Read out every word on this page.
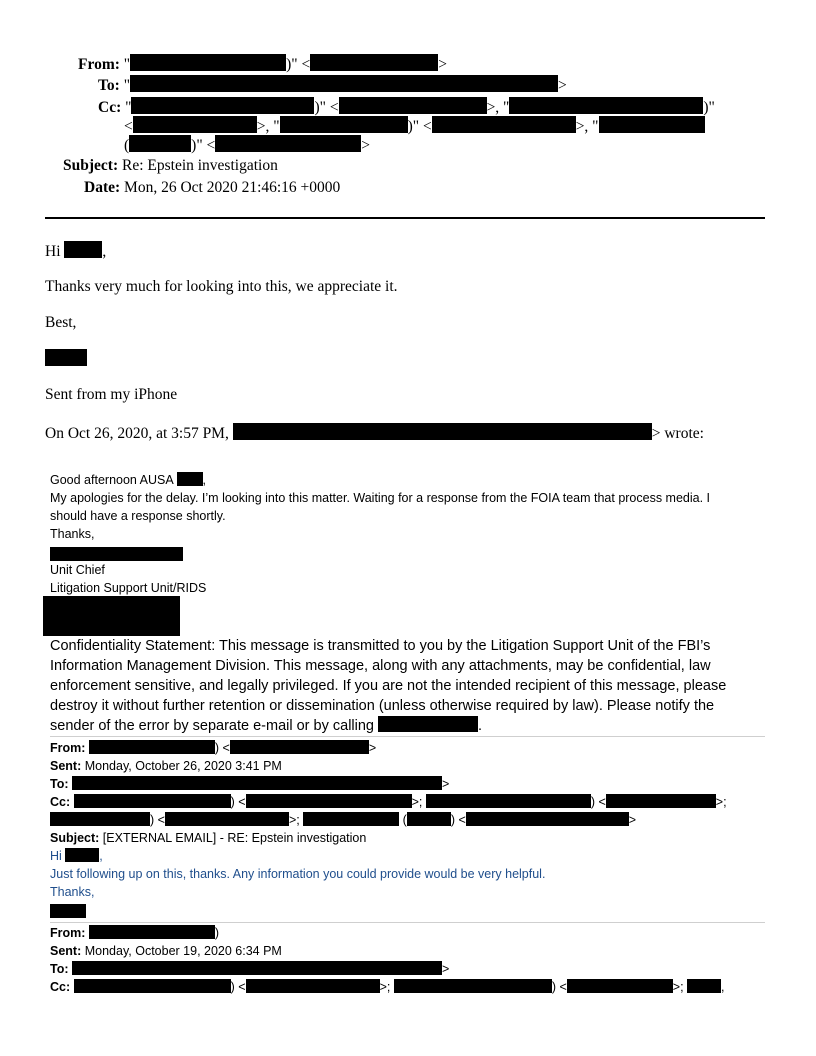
From: "	)" <	>
To: "	>
Cc: "	)" <	>, "	)"
<	>, "	)" <	>, "
(	)" <	>
Subject: Re: Epstein investigation
Date: Mon, 26 Oct 2020 21:46:16 +0000
Hi	,
Thanks very much for looking into this, we appreciate it.
Best,
Sent from my iPhone
On Oct 26, 2020, at 3:57 PM,	> wrote:
Good afternoon AUSA ,
My apologies for the delay. I’m looking into this matter. Waiting for a response from the FOIA team that process media. I
should have a response shortly.
Thanks,
Unit Chief
Litigation Support Unit/RIDS
Confidentiality Statement: This message is transmitted to you by the Litigation Support Unit of the FBI’s
Information Management Division. This message, along with any attachments, may be confidential, law
enforcement sensitive, and legally privileged. If you are not the intended recipient of this message, please
destroy it without further retention or dissemination (unless otherwise required by law). Please notify the
sender of the error by separate e-mail or by calling	.
From:	) <	>
Sent: Monday, October 26, 2020 3:41 PM
To:	>
Cc:	) <	>;	) <	>;
) <	>;	(	) <	>
Subject: [EXTERNAL EMAIL] - RE: Epstein investigation
Hi	,
Just following up on this, thanks. Any information you could provide would be very helpful.
Thanks,
From:	)
Sent: Monday, October 19, 2020 6:34 PM
To:	>
Cc:	) <	>;	) <	>;	,
